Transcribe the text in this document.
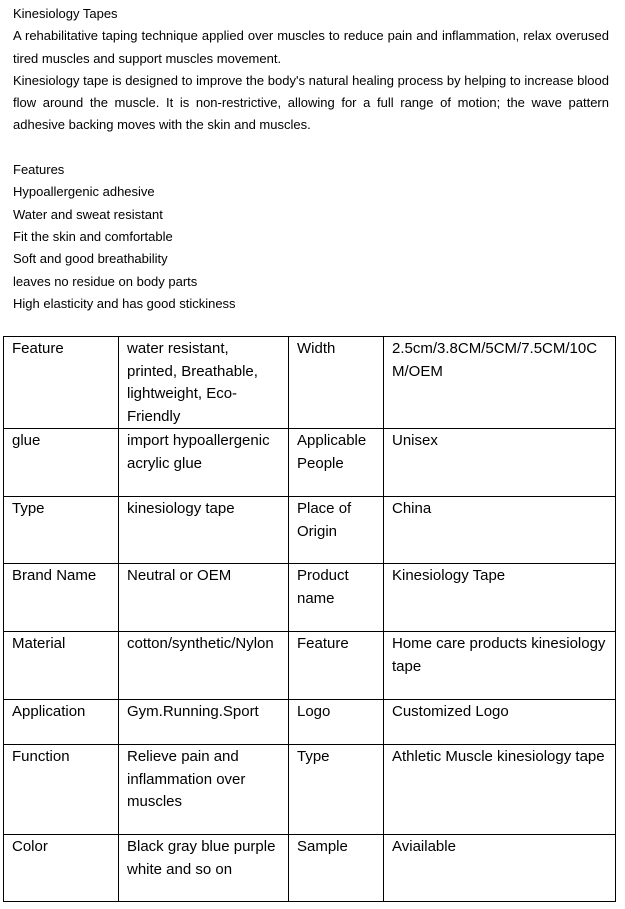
Kinesiology Tapes

A rehabilitative taping technique applied over muscles to reduce pain and inflammation, relax overused tired muscles and support muscles movement.

Kinesiology tape is designed to improve the body's natural healing process by helping to increase blood flow around the muscle. It is non-restrictive, allowing for a full range of motion; the wave pattern adhesive backing moves with the skin and muscles.

Features

Hypoallergenic adhesive

Water and sweat resistant

Fit the skin and comfortable

Soft and good breathability

leaves no residue on body parts

High elasticity and has good stickiness

Feature	water resistant, printed, Breathable, lightweight, Eco-Friendly	Width	2.5cm/3.8CM/5CM/7.5CM/10CM/OEM
glue	import hypoallergenic acrylic glue	Applicable People	Unisex
Type	kinesiology tape	Place of Origin	China
Brand Name	Neutral or OEM	Product name	Kinesiology Tape
Material	cotton/synthetic/Nylon	Feature	Home care products kinesiology tape
Application	Gym.Running.Sport	Logo	Customized Logo
Function	Relieve pain and inflammation over muscles	Type	Athletic Muscle kinesiology tape
Color	Black gray blue purple white and so on	Sample	Aviailable
